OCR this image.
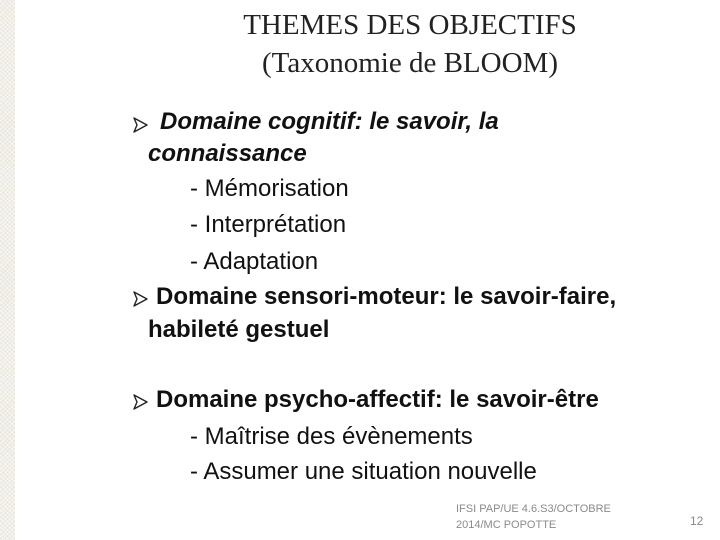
THEMES DES OBJECTIFS
(Taxonomie de BLOOM)
Domaine cognitif: le savoir, la
connaissance
- Mémorisation
- Interprétation
- Adaptation
Domaine sensori-moteur: le savoir-faire,
habileté gestuel
Domaine psycho-affectif: le savoir-être
- Maîtrise des évènements
- Assumer une situation nouvelle
IFSI PAP/UE 4.6.S3/OCTOBRE
2014/MC POPOTTE	12
